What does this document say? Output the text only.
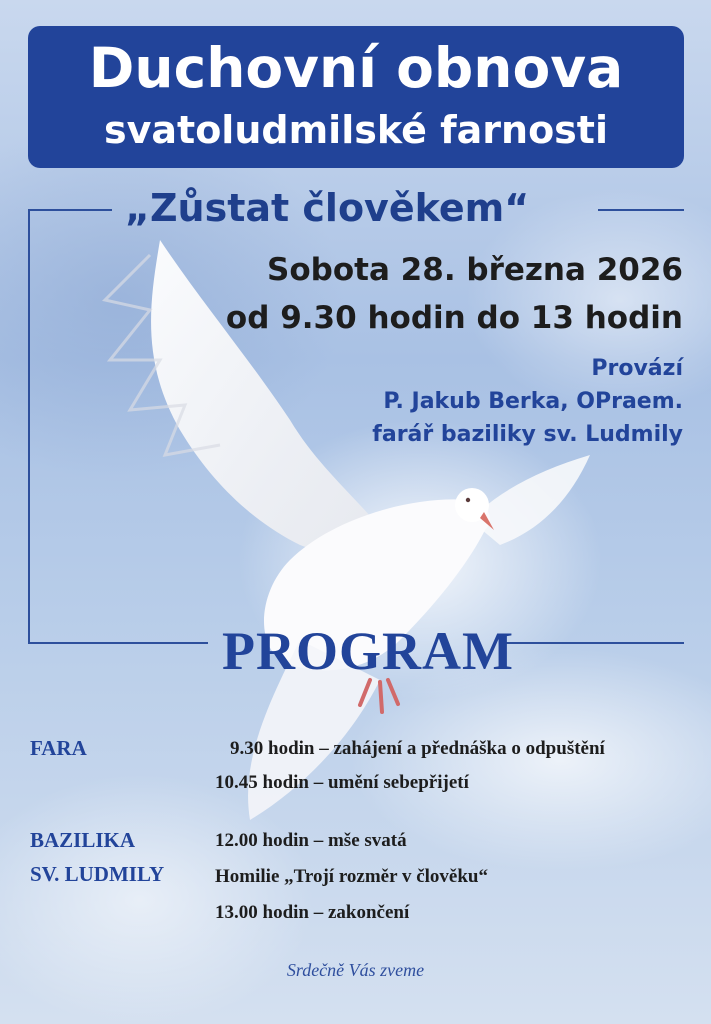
Duchovní obnova
svatoludmilské farnosti
„Zůstat člověkem“
Sobota 28. března 2026
od 9.30 hodin do 13 hodin
Provází
P. Jakub Berka, OPraem.
farář baziliky sv. Ludmily
PROGRAM
FARA	9.30 hodin – zahájení a přednáška o odpuštění
10.45 hodin – umění sebepřijetí
BAZILIKA
SV. LUDMILY
12.00 hodin – mše svatá
Homilie „Trojí rozměr v člověku“
13.00 hodin – zakončení
Srdečně Vás zveme
